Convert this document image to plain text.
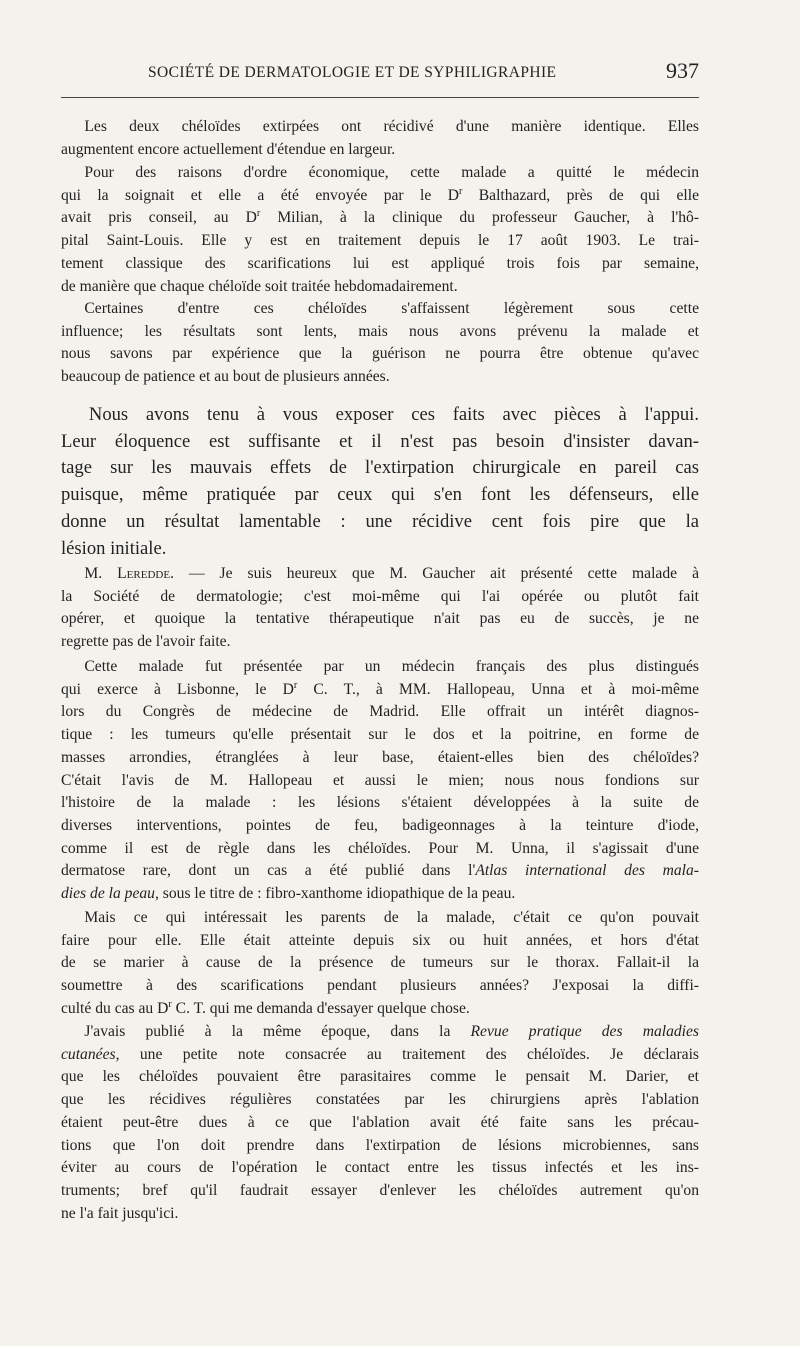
SOCIÉTÉ DE DERMATOLOGIE ET DE SYPHILIGRAPHIE	937

Les deux chéloïdes extirpées ont récidivé d'une manière identique. Elles
augmentent encore actuellement d'étendue en largeur.

Pour des raisons d'ordre économique, cette malade a quitté le médecin
qui la soignait et elle a été envoyée par le $D^r$ Balthazard, près de qui elle
avait pris conseil, au $D^r$ Milian, à la clinique du professeur Gaucher, à l'hô-
pital Saint-Louis. Elle y est en traitement depuis le 17 août 1903. Le trai-
tement classique des scarifications lui est appliqué trois fois par semaine,
de manière que chaque chéloïde soit traitée hebdomadairement.

Certaines d'entre ces chéloïdes s'affaissent légèrement sous cette
influence; les résultats sont lents, mais nous avons prévenu la malade et
nous savons par expérience que la guérison ne pourra être obtenue qu'avec
beaucoup de patience et au bout de plusieurs années.

Nous avons tenu à vous exposer ces faits avec pièces à l'appui.
Leur éloquence est suffisante et il n'est pas besoin d'insister davan-
tage sur les mauvais effets de l'extirpation chirurgicale en pareil cas
puisque, même pratiquée par ceux qui s'en font les défenseurs, elle
donne un résultat lamentable : une récidive cent fois pire que la
lésion initiale.

M. Leredde. — Je suis heureux que M. Gaucher ait présenté cette malade à
la Société de dermatologie; c'est moi-même qui l'ai opérée ou plutôt fait
opérer, et quoique la tentative thérapeutique n'ait pas eu de succès, je ne
regrette pas de l'avoir faite.

Cette malade fut présentée par un médecin français des plus distingués
qui exerce à Lisbonne, le $D^r$ C. T., à MM. Hallopeau, Unna et à moi-même
lors du Congrès de médecine de Madrid. Elle offrait un intérêt diagnos-
tique : les tumeurs qu'elle présentait sur le dos et la poitrine, en forme de
masses arrondies, étranglées à leur base, étaient-elles bien des chéloïdes?
C'était l'avis de M. Hallopeau et aussi le mien; nous nous fondions sur
l'histoire de la malade : les lésions s'étaient développées à la suite de
diverses interventions, pointes de feu, badigeonnages à la teinture d'iode,
comme il est de règle dans les chéloïdes. Pour M. Unna, il s'agissait d'une
dermatose rare, dont un cas a été publié dans l'Atlas international des mala-
dies de la peau, sous le titre de : fibro-xanthome idiopathique de la peau.

Mais ce qui intéressait les parents de la malade, c'était ce qu'on pouvait
faire pour elle. Elle était atteinte depuis six ou huit années, et hors d'état
de se marier à cause de la présence de tumeurs sur le thorax. Fallait-il la
soumettre à des scarifications pendant plusieurs années? J'exposai la diffi-
culté du cas au $D^r$ C. T. qui me demanda d'essayer quelque chose.

J'avais publié à la même époque, dans la Revue pratique des maladies
cutanées, une petite note consacrée au traitement des chéloïdes. Je déclarais
que les chéloïdes pouvaient être parasitaires comme le pensait M. Darier, et
que les récidives régulières constatées par les chirurgiens après l'ablation
étaient peut-être dues à ce que l'ablation avait été faite sans les précau-
tions que l'on doit prendre dans l'extirpation de lésions microbiennes, sans
éviter au cours de l'opération le contact entre les tissus infectés et les ins-
truments; bref qu'il faudrait essayer d'enlever les chéloïdes autrement qu'on
ne l'a fait jusqu'ici.
